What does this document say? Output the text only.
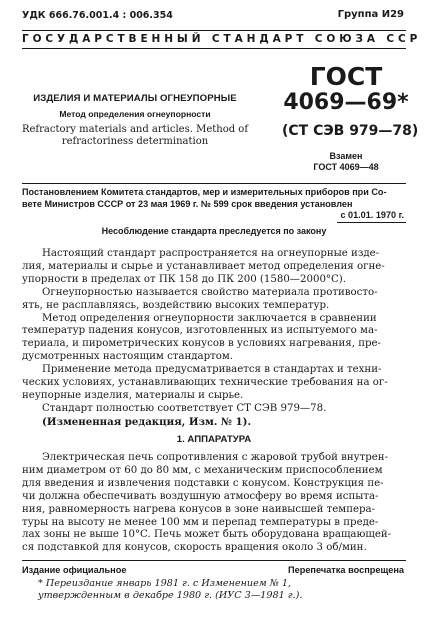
УДК 666.76.001.4 : 006.354	Группа И29
ГОСУДАРСТВЕННЫЙ СТАНДАРТ СОЮЗА ССР
ИЗДЕЛИЯ И МАТЕРИАЛЫ ОГНЕУПОРНЫЕ
Метод определения огнеупорности
Refractory materials and articles. Method of
refractoriness determination
ГОСТ
4069—69*
(СТ СЭВ 979—78)
Взамен
ГОСТ 4069—48
Постановлением Комитета стандартов, мер и измерительных приборов при Со-
вете Министров СССР от 23 мая 1969 г. № 599 срок введения установлен
с 01.01. 1970 г.
Несоблюдение стандарта преследуется по закону
Настоящий стандарт распространяется на огнеупорные изде-
лия, материалы и сырье и устанавливает метод определения огне-
упорности в пределах от ПК 158 до ПК 200 (1580—2000°C).
Огнеупорностью называется свойство материала противосто-
ять, не расплавляясь, воздействию высоких температур.
Метод определения огнеупорности заключается в сравнении
температур падения конусов, изготовленных из испытуемого ма-
териала, и пирометрических конусов в условиях нагревания, пре-
дусмотренных настоящим стандартом.
Применение метода предусматривается в стандартах и техни-
ческих условиях, устанавливающих технические требования на ог-
неупорные изделия, материалы и сырье.
Стандарт полностью соответствует СТ СЭВ 979—78.
(Измененная редакция, Изм. № 1).
1. АППАРАТУРА
Электрическая печь сопротивления с жаровой трубой внутрен-
ним диаметром от 60 до 80 мм, с механическим приспособлением
для введения и извлечения подставки с конусом. Конструкция пе-
чи должна обеспечивать воздушную атмосферу во время испыта-
ния, равномерность нагрева конусов в зоне наивысшей темпера-
туры на высоту не менее 100 мм и перепад температуры в преде-
лах зоны не выше 10°C. Печь может быть оборудована вращающей-
ся подставкой для конусов, скорость вращения около 3 об/мин.
Издание официальное	Перепечатка воспрещена
* Переиздание январь 1981 г. с Изменением № 1,
утвержденным в декабре 1980 г. (ИУС 3—1981 г.).
